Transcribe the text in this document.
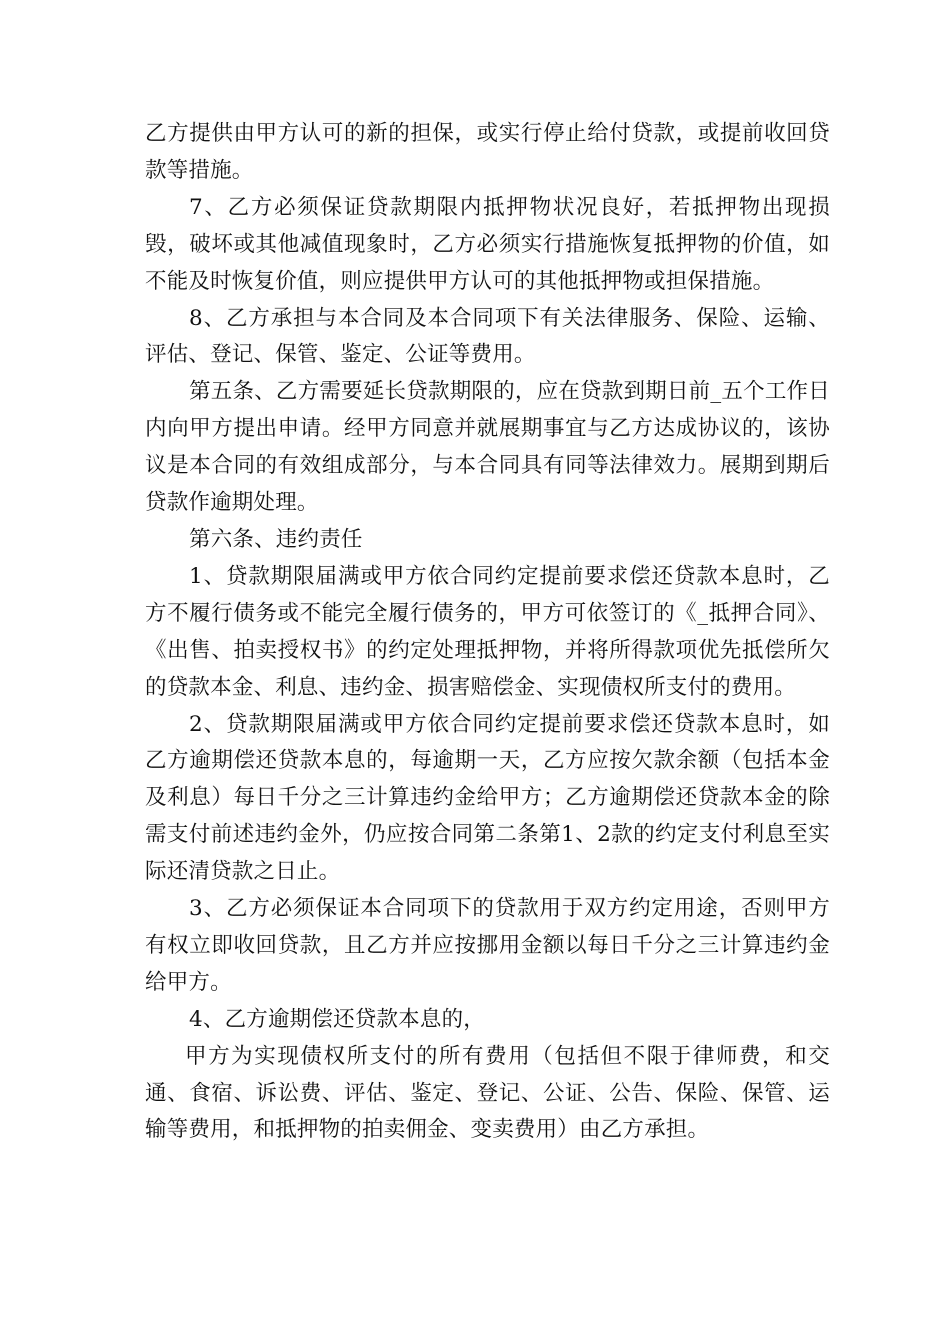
乙方提供由甲方认可的新的担保，或实行停止给付贷款，或提前收回贷款等措施。

7、乙方必须保证贷款期限内抵押物状况良好，若抵押物出现损毁，破坏或其他减值现象时，乙方必须实行措施恢复抵押物的价值，如不能及时恢复价值，则应提供甲方认可的其他抵押物或担保措施。

8、乙方承担与本合同及本合同项下有关法律服务、保险、运输、评估、登记、保管、鉴定、公证等费用。

第五条、乙方需要延长贷款期限的，应在贷款到期日前_五个工作日内向甲方提出申请。经甲方同意并就展期事宜与乙方达成协议的，该协议是本合同的有效组成部分，与本合同具有同等法律效力。展期到期后贷款作逾期处理。

第六条、违约责任

1、贷款期限届满或甲方依合同约定提前要求偿还贷款本息时，乙方不履行债务或不能完全履行债务的，甲方可依签订的《_抵押合同》、《出售、拍卖授权书》的约定处理抵押物，并将所得款项优先抵偿所欠的贷款本金、利息、违约金、损害赔偿金、实现债权所支付的费用。

2、贷款期限届满或甲方依合同约定提前要求偿还贷款本息时，如乙方逾期偿还贷款本息的，每逾期一天，乙方应按欠款余额（包括本金及利息）每日千分之三计算违约金给甲方；乙方逾期偿还贷款本金的除需支付前述违约金外，仍应按合同第二条第1、2款的约定支付利息至实际还清贷款之日止。

3、乙方必须保证本合同项下的贷款用于双方约定用途，否则甲方有权立即收回贷款，且乙方并应按挪用金额以每日千分之三计算违约金给甲方。

4、乙方逾期偿还贷款本息的，

甲方为实现债权所支付的所有费用（包括但不限于律师费，和交通、食宿、诉讼费、评估、鉴定、登记、公证、公告、保险、保管、运输等费用，和抵押物的拍卖佣金、变卖费用）由乙方承担。
